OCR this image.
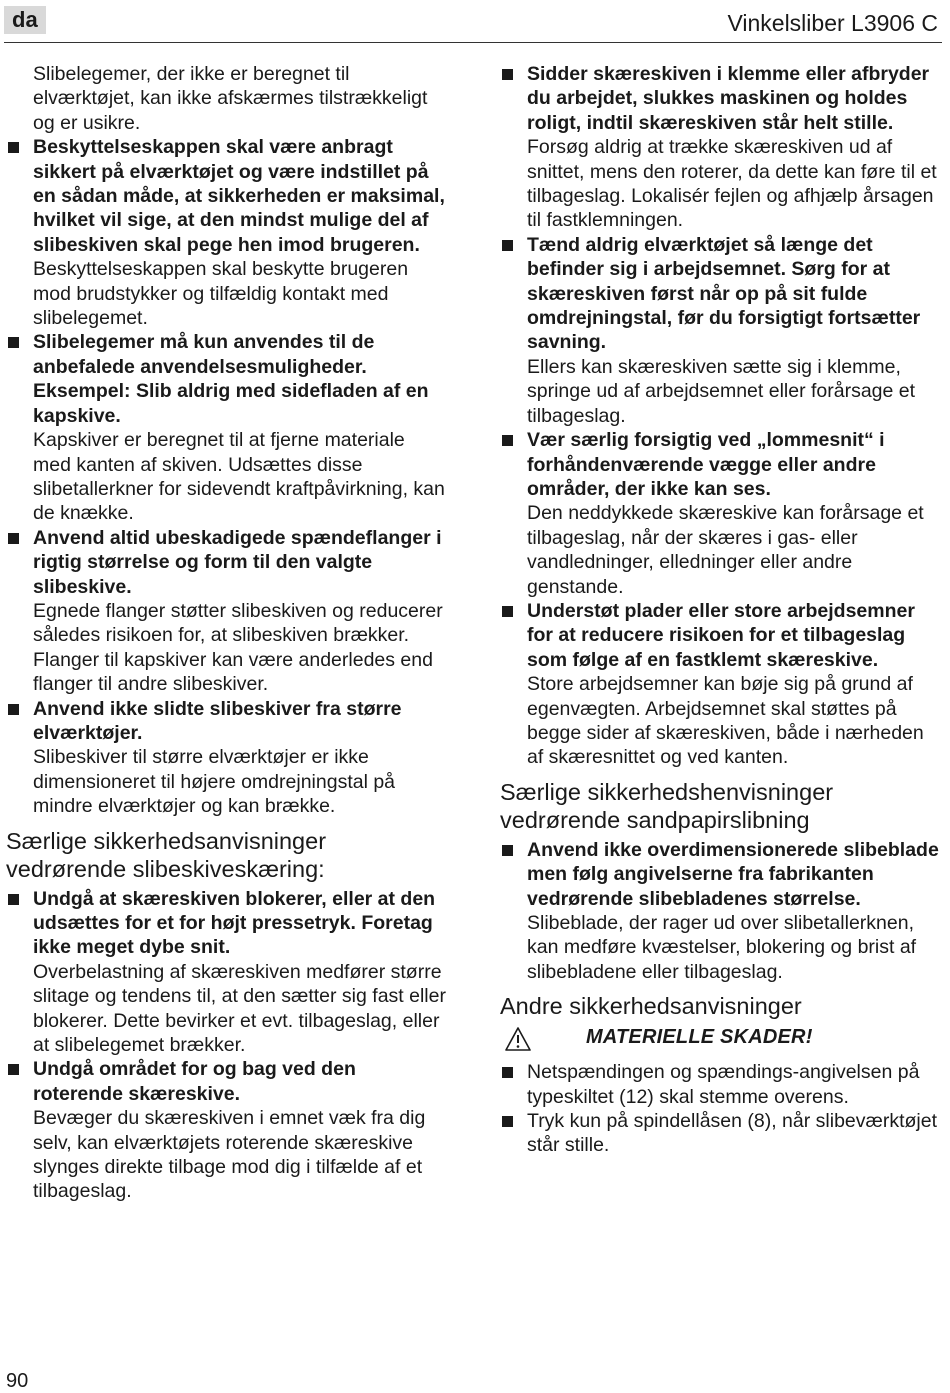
da	Vinkelsliber L3906 C
Slibelegemer, der ikke er beregnet til elværktøjet, kan ikke afskærmes tilstrækkeligt og er usikre.
Beskyttelseskappen skal være anbragt sikkert på elværktøjet og være indstillet på en sådan måde, at sikkerheden er maksimal, hvilket vil sige, at den mindst mulige del af slibeskiven skal pege hen imod brugeren.
Beskyttelseskappen skal beskytte brugeren mod brudstykker og tilfældig kontakt med slibelegemet.
Slibelegemer må kun anvendes til de anbefalede anvendelsesmuligheder. Eksempel: Slib aldrig med sidefladen af en kapskive.
Kapskiver er beregnet til at fjerne materiale med kanten af skiven. Udsættes disse slibetallerkner for sidevendt kraftpåvirkning, kan de knække.
Anvend altid ubeskadigede spændeflanger i rigtig størrelse og form til den valgte slibeskive.
Egnede flanger støtter slibeskiven og reducerer således risikoen for, at slibeskiven brækker. Flanger til kapskiver kan være anderledes end flanger til andre slibeskiver.
Anvend ikke slidte slibeskiver fra større elværktøjer.
Slibeskiver til større elværktøjer er ikke dimensioneret til højere omdrejningstal på mindre elværktøjer og kan brække.
Særlige sikkerhedsanvisninger vedrørende slibeskiveskæring:
Undgå at skæreskiven blokerer, eller at den udsættes for et for højt pressetryk. Foretag ikke meget dybe snit.
Overbelastning af skæreskiven medfører større slitage og tendens til, at den sætter sig fast eller blokerer. Dette bevirker et evt. tilbageslag, eller at slibelegemet brækker.
Undgå området for og bag ved den roterende skæreskive.
Bevæger du skæreskiven i emnet væk fra dig selv, kan elværktøjets roterende skæreskive slynges direkte tilbage mod dig i tilfælde af et tilbageslag.
Sidder skæreskiven i klemme eller afbryder du arbejdet, slukkes maskinen og holdes roligt, indtil skæreskiven står helt stille.
Forsøg aldrig at trække skæreskiven ud af snittet, mens den roterer, da dette kan føre til et tilbageslag. Lokalisér fejlen og afhjælp årsagen til fastklemningen.
Tænd aldrig elværktøjet så længe det befinder sig i arbejdsemnet. Sørg for at skæreskiven først når op på sit fulde omdrejningstal, før du forsigtigt fortsætter savning.
Ellers kan skæreskiven sætte sig i klemme, springe ud af arbejdsemnet eller forårsage et tilbageslag.
Vær særlig forsigtig ved „lommesnit“ i forhåndenværende vægge eller andre områder, der ikke kan ses.
Den neddykkede skæreskive kan forårsage et tilbageslag, når der skæres i gas- eller vandledninger, elledninger eller andre genstande.
Understøt plader eller store arbejdsemner for at reducere risikoen for et tilbageslag som følge af en fastklemt skæreskive.
Store arbejdsemner kan bøje sig på grund af egenvægten. Arbejdsemnet skal støttes på begge sider af skæreskiven, både i nærheden af skæresnittet og ved kanten.
Særlige sikkerhedshenvisninger vedrørende sandpapirslibning
Anvend ikke overdimensionerede slibeblade men følg angivelserne fra fabrikanten vedrørende slibebladenes størrelse.
Slibeblade, der rager ud over slibetallerknen, kan medføre kvæstelser, blokering og brist af slibebladene eller tilbageslag.
Andre sikkerhedsanvisninger
MATERIELLE SKADER!
Netspændingen og spændings-angivelsen på typeskiltet (12) skal stemme overens.
Tryk kun på spindellåsen (8), når slibeværktøjet står stille.
90
